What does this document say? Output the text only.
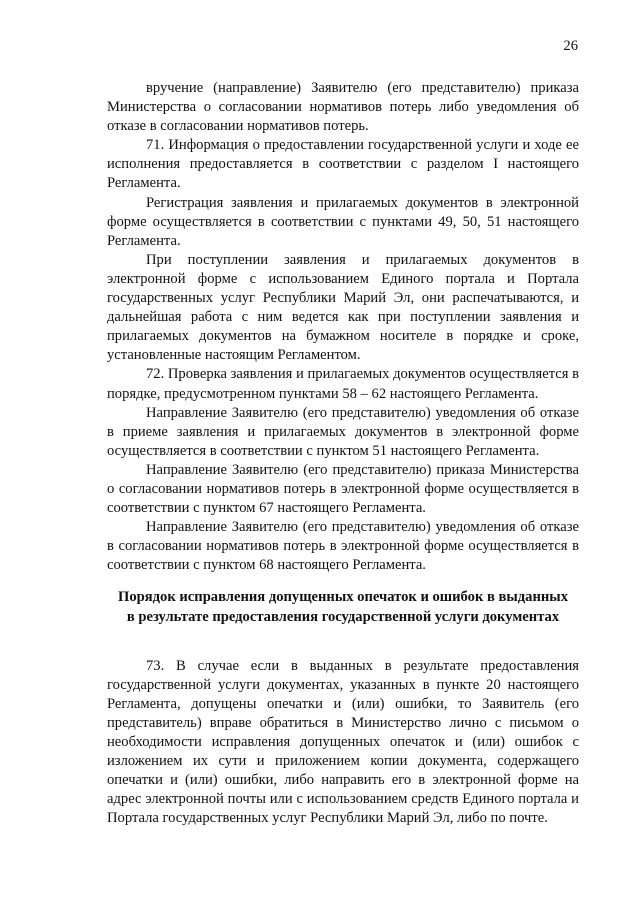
26

вручение (направление) Заявителю (его представителю) приказа Министерства о согласовании нормативов потерь либо уведомления об отказе в согласовании нормативов потерь.

71. Информация о предоставлении государственной услуги и ходе ее исполнения предоставляется в соответствии с разделом I настоящего Регламента.

Регистрация заявления и прилагаемых документов в электронной форме осуществляется в соответствии с пунктами 49, 50, 51 настоящего Регламента.

При поступлении заявления и прилагаемых документов в электронной форме с использованием Единого портала и Портала государственных услуг Республики Марий Эл, они распечатываются, и дальнейшая работа с ним ведется как при поступлении заявления и прилагаемых документов на бумажном носителе в порядке и сроке, установленные настоящим Регламентом.

72. Проверка заявления и прилагаемых документов осуществляется в порядке, предусмотренном пунктами 58 – 62 настоящего Регламента.

Направление Заявителю (его представителю) уведомления об отказе в приеме заявления и прилагаемых документов в электронной форме осуществляется в соответствии с пунктом 51 настоящего Регламента.

Направление Заявителю (его представителю) приказа Министерства о согласовании нормативов потерь в электронной форме осуществляется в соответствии с пунктом 67 настоящего Регламента.

Направление Заявителю (его представителю) уведомления об отказе в согласовании нормативов потерь в электронной форме осуществляется в соответствии с пунктом 68 настоящего Регламента.

Порядок исправления допущенных опечаток и ошибок в выданных
в результате предоставления государственной услуги документах

73. В случае если в выданных в результате предоставления государственной услуги документах, указанных в пункте 20 настоящего Регламента, допущены опечатки и (или) ошибки, то Заявитель (его представитель) вправе обратиться в Министерство лично с письмом о необходимости исправления допущенных опечаток и (или) ошибок с изложением их сути и приложением копии документа, содержащего опечатки и (или) ошибки, либо направить его в электронной форме на адрес электронной почты или с использованием средств Единого портала и Портала государственных услуг Республики Марий Эл, либо по почте.
